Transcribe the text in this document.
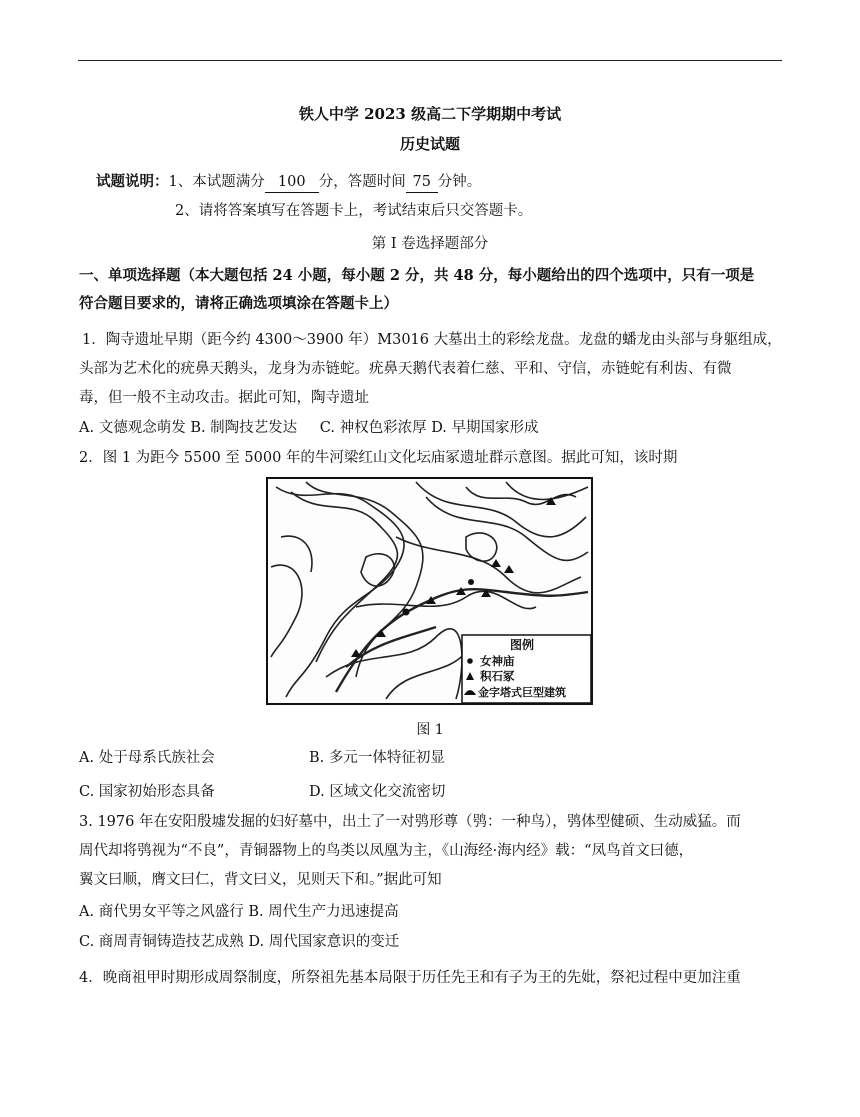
铁人中学 2023 级高二下学期期中考试
历史试题
试题说明：1、本试题满分 100 分，答题时间 75 分钟。
2、请将答案填写在答题卡上，考试结束后只交答题卡。
第 I 卷选择题部分
一、单项选择题（本大题包括 24 小题，每小题 2 分，共 48 分，每小题给出的四个选项中，只有一项是
符合题目要求的，请将正确选项填涂在答题卡上）
1．陶寺遗址早期（距今约 4300～3900 年）M3016 大墓出土的彩绘龙盘。龙盘的蟠龙由头部与身躯组成，
头部为艺术化的疣鼻天鹅头，龙身为赤链蛇。疣鼻天鹅代表着仁慈、平和、守信，赤链蛇有利齿、有微
毒，但一般不主动攻击。据此可知，陶寺遗址
A. 文德观念萌发 B. 制陶技艺发达 C. 神权色彩浓厚 D. 早期国家形成
2．图 1 为距今 5500 至 5000 年的牛河梁红山文化坛庙冢遗址群示意图。据此可知，该时期
图例
女神庙
积石冢
金字塔式巨型建筑
图 1
A. 处于母系氏族社会	B. 多元一体特征初显
C. 国家初始形态具备	D. 区域文化交流密切
3. 1976 年在安阳殷墟发掘的妇好墓中，出土了一对鸮形尊（鸮：一种鸟），鸮体型健硕、生动威猛。而
周代却将鸮视为“不良”，青铜器物上的鸟类以凤凰为主，《山海经·海内经》载：“凤鸟首文曰德，
翼文曰顺，膺文曰仁，背文曰义，见则天下和。”据此可知
A. 商代男女平等之风盛行 B. 周代生产力迅速提高
C. 商周青铜铸造技艺成熟 D. 周代国家意识的变迁
4．晚商祖甲时期形成周祭制度，所祭祖先基本局限于历任先王和有子为王的先妣，祭祀过程中更加注重
